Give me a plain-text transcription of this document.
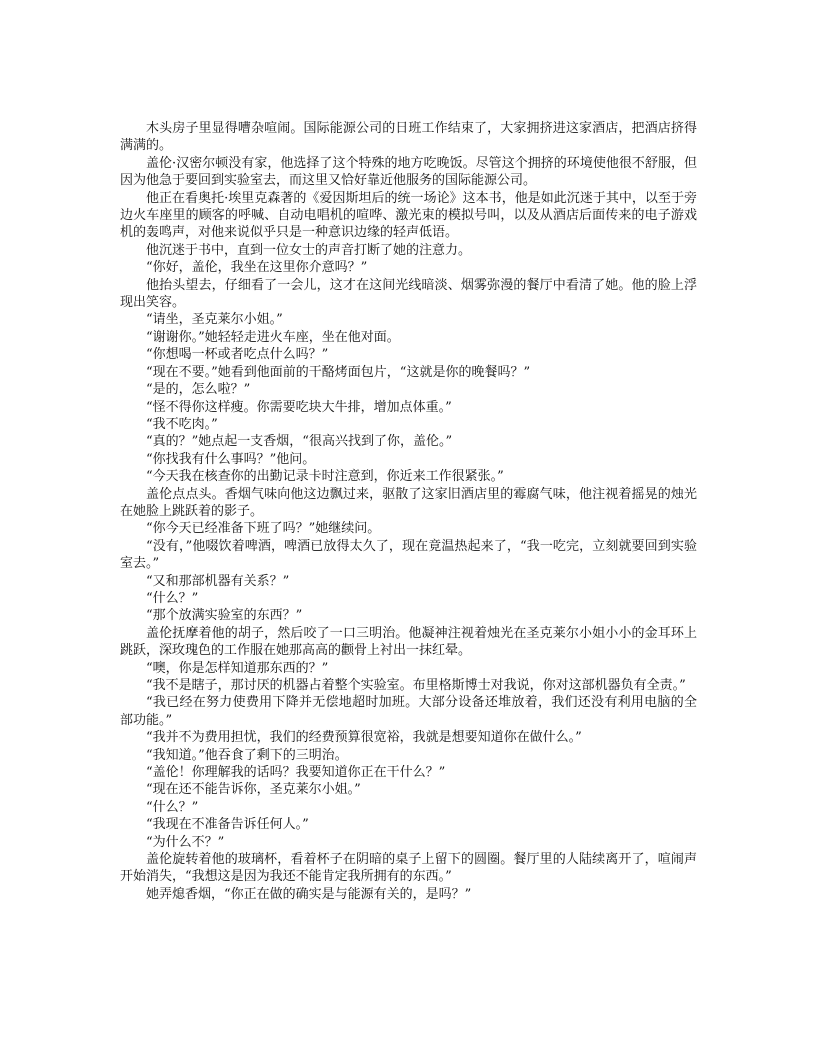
木头房子里显得嘈杂喧闹。国际能源公司的日班工作结束了，大家拥挤进这家酒店，把酒店挤得满满的。

盖伦·汉密尔顿没有家，他选择了这个特殊的地方吃晚饭。尽管这个拥挤的环境使他很不舒服，但因为他急于要回到实验室去，而这里又恰好靠近他服务的国际能源公司。

他正在看奥托·埃里克森著的《爱因斯坦后的统一场论》这本书，他是如此沉迷于其中，以至于旁边火车座里的顾客的呼喊、自动电唱机的喧哗、激光束的模拟号叫，以及从酒店后面传来的电子游戏机的轰鸣声，对他来说似乎只是一种意识边缘的轻声低语。

他沉迷于书中，直到一位女士的声音打断了她的注意力。

“你好，盖伦，我坐在这里你介意吗？”

他抬头望去，仔细看了一会儿，这才在这间光线暗淡、烟雾弥漫的餐厅中看清了她。他的脸上浮现出笑容。

“请坐，圣克莱尔小姐。”

“谢谢你。”她轻轻走进火车座，坐在他对面。

“你想喝一杯或者吃点什么吗？”

“现在不要。”她看到他面前的干酪烤面包片，“这就是你的晚餐吗？”

“是的，怎么啦？”

“怪不得你这样瘦。你需要吃块大牛排，增加点体重。”

“我不吃肉。”

“真的？”她点起一支香烟，“很高兴找到了你，盖伦。”

“你找我有什么事吗？”他问。

“今天我在核查你的出勤记录卡时注意到，你近来工作很紧张。”

盖伦点点头。香烟气味向他这边飘过来，驱散了这家旧酒店里的霉腐气味，他注视着摇晃的烛光在她脸上跳跃着的影子。

“你今天已经准备下班了吗？”她继续问。

“没有，”他啜饮着啤酒，啤酒已放得太久了，现在竟温热起来了，“我一吃完，立刻就要回到实验室去。”

“又和那部机器有关系？”

“什么？”

“那个放满实验室的东西？”

盖伦抚摩着他的胡子，然后咬了一口三明治。他凝神注视着烛光在圣克莱尔小姐小小的金耳环上跳跃，深玫瑰色的工作服在她那高高的颧骨上衬出一抹红晕。

“噢，你是怎样知道那东西的？”

“我不是瞎子，那讨厌的机器占着整个实验室。布里格斯博士对我说，你对这部机器负有全责。”

“我已经在努力使费用下降并无偿地超时加班。大部分设备还堆放着，我们还没有利用电脑的全部功能。”

“我并不为费用担忧，我们的经费预算很宽裕，我就是想要知道你在做什么。”

“我知道。”他吞食了剩下的三明治。

“盖伦！你理解我的话吗？我要知道你正在干什么？”

“现在还不能告诉你，圣克莱尔小姐。”

“什么？”

“我现在不准备告诉任何人。”

“为什么不？”

盖伦旋转着他的玻璃杯，看着杯子在阴暗的桌子上留下的圆圈。餐厅里的人陆续离开了，喧闹声开始消失，“我想这是因为我还不能肯定我所拥有的东西。”

她弄熄香烟，“你正在做的确实是与能源有关的，是吗？”
